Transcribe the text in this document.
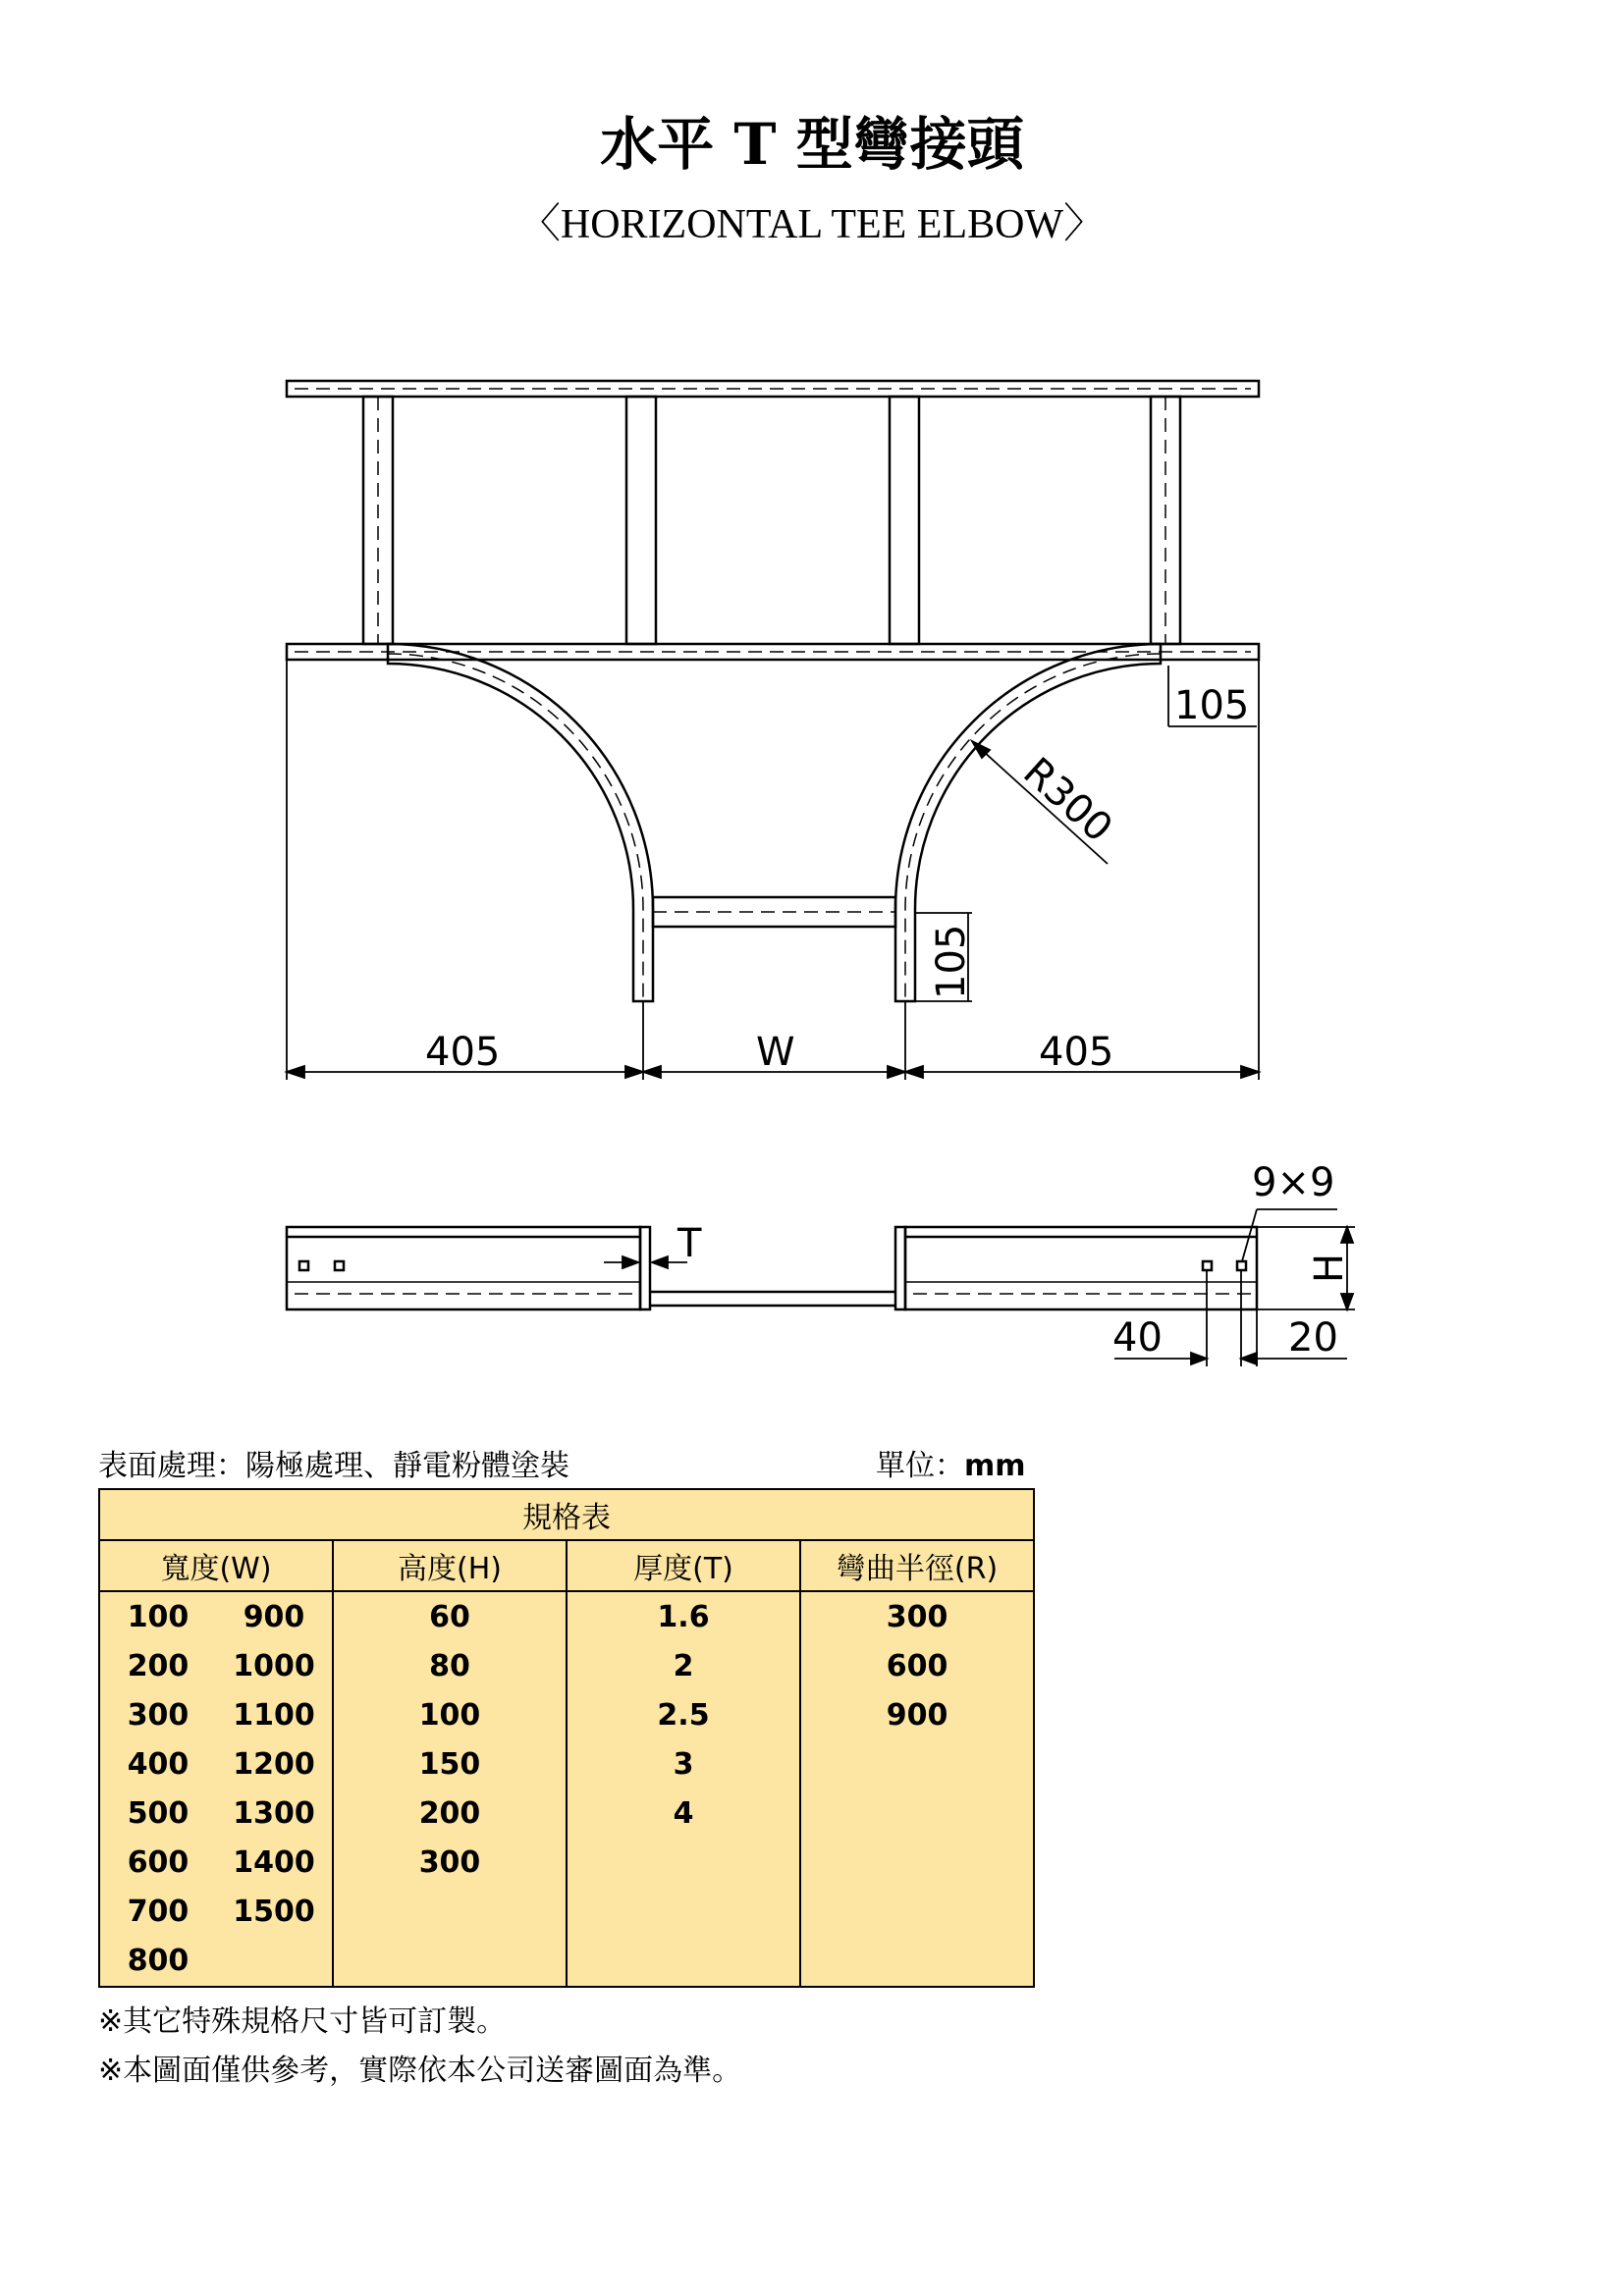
水平 T 型彎接頭
〈HORIZONTAL TEE ELBOW〉
105
R300
105
405	W	405
9×9
T
H
40	20
表面處理：陽極處理、靜電粉體塗裝	單位：mm
規格表				
寬度(W)		高度(H)	厚度(T)	彎曲半徑(R)
100	900	60	1.6	300
200	1000	80	2	600
300	1100	100	2.5	900
400	1200	150	3	
500	1300	200	4	
600	1400	300		
700	1500			
800				
※其它特殊規格尺寸皆可訂製。
※本圖面僅供參考，實際依本公司送審圖面為準。
